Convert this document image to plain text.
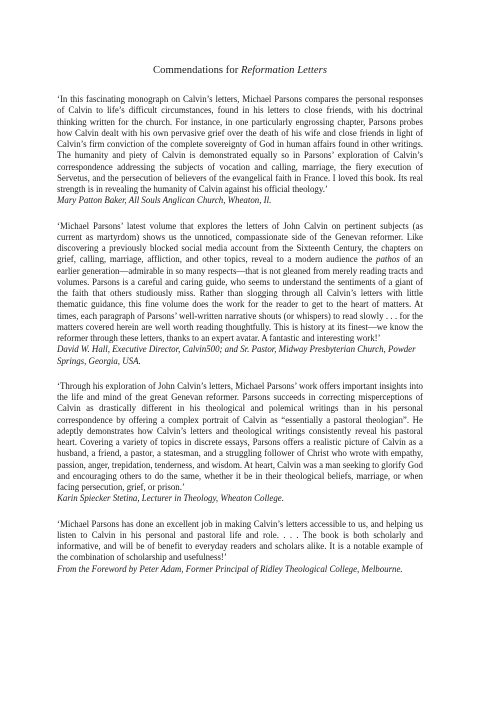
Commendations for Reformation Letters

‘In this fascinating monograph on Calvin’s letters, Michael Parsons compares the personal responses of Calvin to life’s difficult circumstances, found in his letters to close friends, with his doctrinal thinking written for the church. For instance, in one particularly engrossing chapter, Parsons probes how Calvin dealt with his own pervasive grief over the death of his wife and close friends in light of Calvin’s firm conviction of the complete sovereignty of God in human affairs found in other writings. The humanity and piety of Calvin is demonstrated equally so in Parsons’ exploration of Calvin’s correspondence addressing the subjects of vocation and calling, marriage, the fiery execution of Servetus, and the persecution of believers of the evangelical faith in France. I loved this book. Its real strength is in revealing the humanity of Calvin against his official theology.’

Mary Patton Baker, All Souls Anglican Church, Wheaton, Il.

‘Michael Parsons’ latest volume that explores the letters of John Calvin on pertinent subjects (as current as martyrdom) shows us the unnoticed, compassionate side of the Genevan reformer. Like discovering a previously blocked social media account from the Sixteenth Century, the chapters on grief, calling, marriage, affliction, and other topics, reveal to a modern audience the pathos of an earlier generation—admirable in so many respects—that is not gleaned from merely reading tracts and volumes. Parsons is a careful and caring guide, who seems to understand the sentiments of a giant of the faith that others studiously miss. Rather than slogging through all Calvin’s letters with little thematic guidance, this fine volume does the work for the reader to get to the heart of matters. At times, each paragraph of Parsons’ well-written narrative shouts (or whispers) to read slowly . . . for the matters covered herein are well worth reading thoughtfully. This is history at its finest—we know the reformer through these letters, thanks to an expert avatar. A fantastic and interesting work!’

David W. Hall, Executive Director, Calvin500; and Sr. Pastor, Midway Presbyterian Church, Powder Springs, Georgia, USA.

‘Through his exploration of John Calvin’s letters, Michael Parsons’ work offers important insights into the life and mind of the great Genevan reformer. Parsons succeeds in correcting misperceptions of Calvin as drastically different in his theological and polemical writings than in his personal correspondence by offering a complex portrait of Calvin as “essentially a pastoral theologian”. He adeptly demonstrates how Calvin’s letters and theological writings consistently reveal his pastoral heart. Covering a variety of topics in discrete essays, Parsons offers a realistic picture of Calvin as a husband, a friend, a pastor, a statesman, and a struggling follower of Christ who wrote with empathy, passion, anger, trepidation, tenderness, and wisdom. At heart, Calvin was a man seeking to glorify God and encouraging others to do the same, whether it be in their theological beliefs, marriage, or when facing persecution, grief, or prison.’

Karin Spiecker Stetina, Lecturer in Theology, Wheaton College.

‘Michael Parsons has done an excellent job in making Calvin’s letters accessible to us, and helping us listen to Calvin in his personal and pastoral life and role. . . . The book is both scholarly and informative, and will be of benefit to everyday readers and scholars alike. It is a notable example of the combination of scholarship and usefulness!’

From the Foreword by Peter Adam, Former Principal of Ridley Theological College, Melbourne.
